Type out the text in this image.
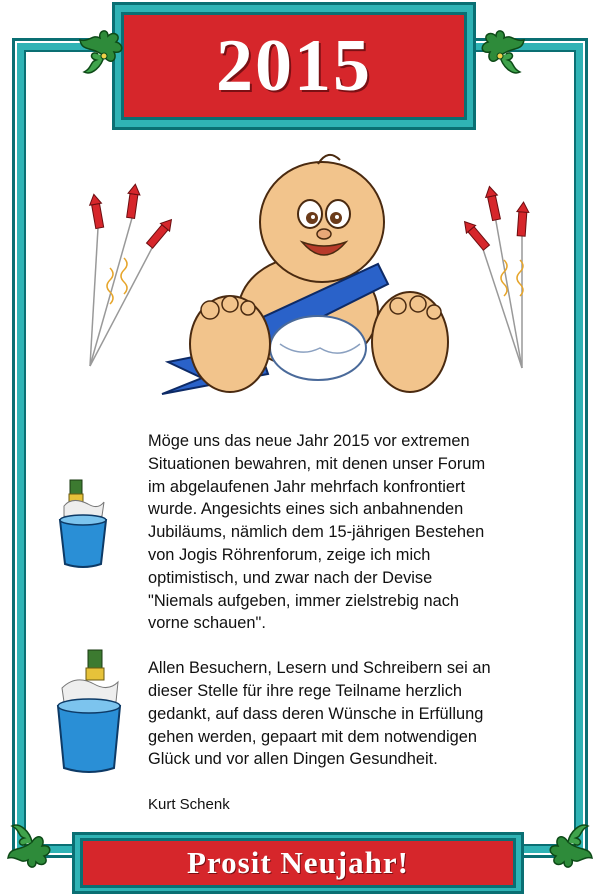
2015

Möge uns das neue Jahr 2015 vor extremen
Situationen bewahren, mit denen unser Forum
im abgelaufenen Jahr mehrfach konfrontiert
wurde. Angesichts eines sich anbahnenden
Jubiläums, nämlich dem 15-jährigen Bestehen
von Jogis Röhrenforum, zeige ich mich
optimistisch, und zwar nach der Devise
"Niemals aufgeben, immer zielstrebig nach
vorne schauen".

Allen Besuchern, Lesern und Schreibern sei an
dieser Stelle für ihre rege Teilname herzlich
gedankt, auf dass deren Wünsche in Erfüllung
gehen werden, gepaart mit dem notwendigen
Glück und vor allen Dingen Gesundheit.

Kurt Schenk
Prosit Neujahr!
